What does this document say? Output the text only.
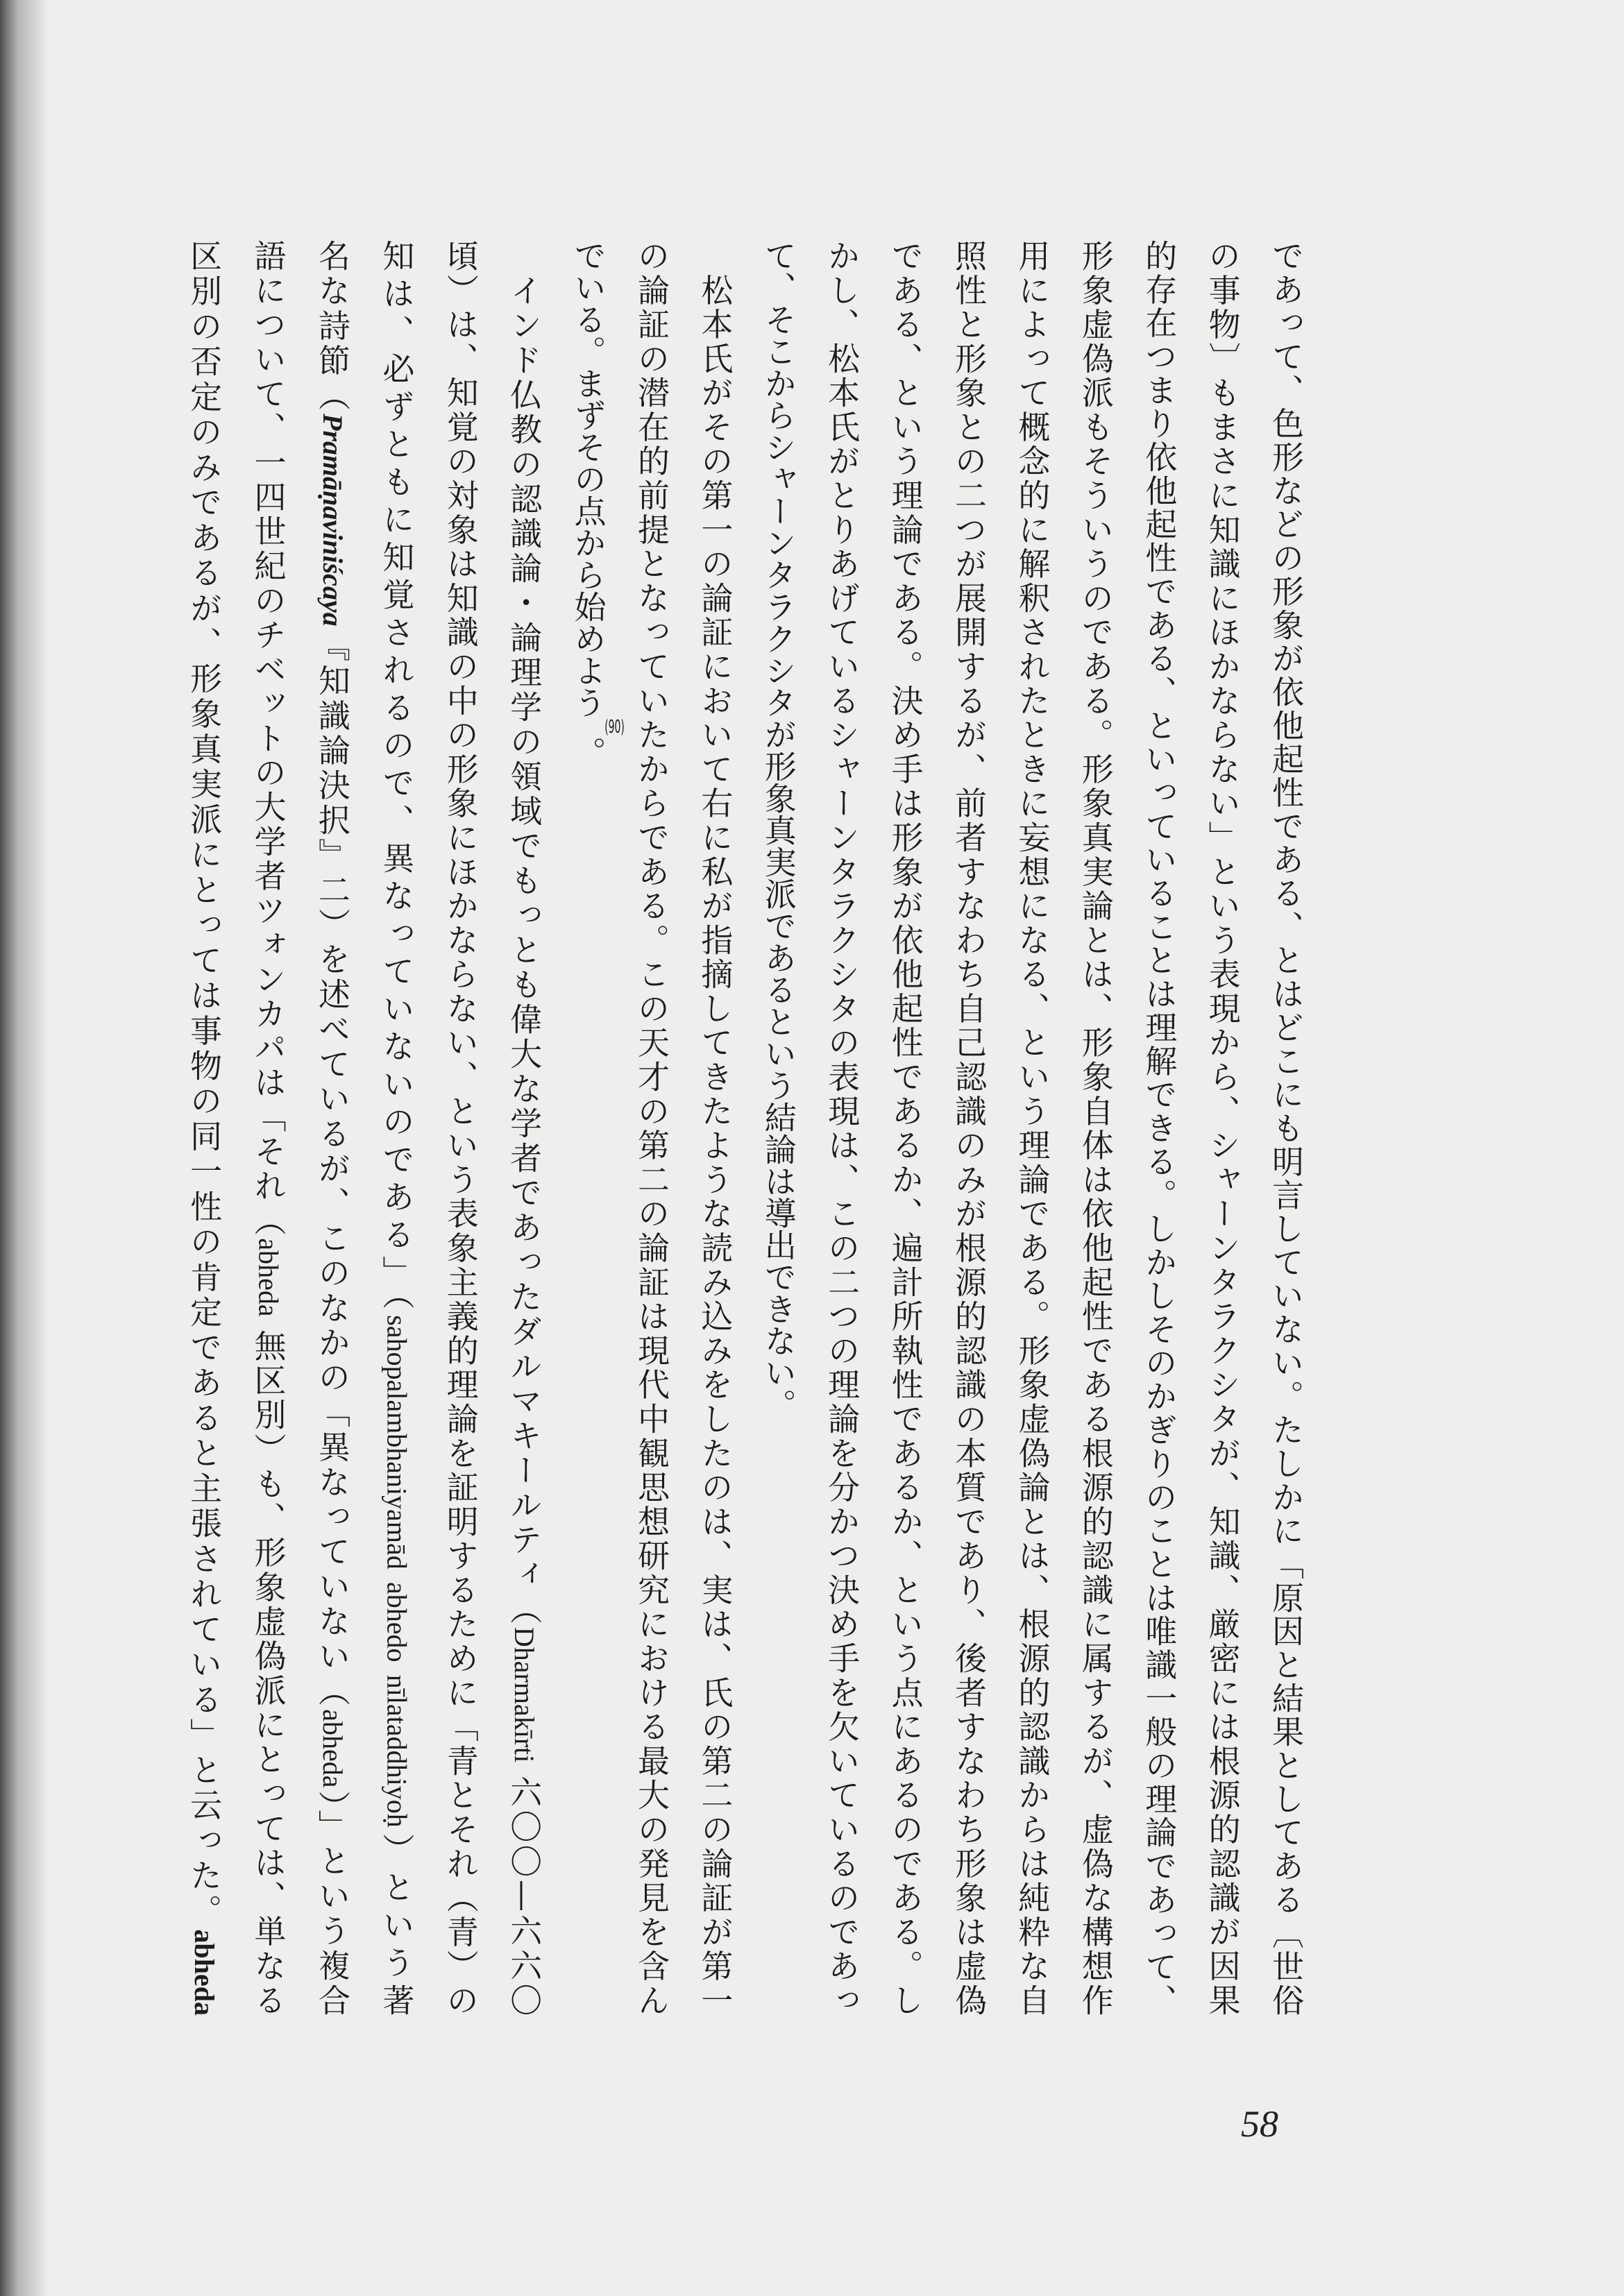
であって、色形などの形象が依他起性である、とはどこにも明言していない。たしかに「原因と結果としてある〔世俗
の事物〕もまさに知識にほかならない」という表現から、シャーンタラクシタが、知識、厳密には根源的認識が因果
的存在つまり依他起性である、といっていることは理解できる。しかしそのかぎりのことは唯識一般の理論であって、
形象虚偽派もそういうのである。形象真実論とは、形象自体は依他起性である根源的認識に属するが、虚偽な構想作
用によって概念的に解釈されたときに妄想になる、という理論である。形象虚偽論とは、根源的認識からは純粋な自
照性と形象との二つが展開するが、前者すなわち自己認識のみが根源的認識の本質であり、後者すなわち形象は虚偽
である、という理論である。決め手は形象が依他起性であるか、遍計所執性であるか、という点にあるのである。し
かし、松本氏がとりあげているシャーンタラクシタの表現は、この二つの理論を分かつ決め手を欠いているのであっ
て、そこからシャーンタラクシタが形象真実派であるという結論は導出できない。
　松本氏がその第一の論証において右に私が指摘してきたような読み込みをしたのは、実は、氏の第二の論証が第一
の論証の潜在的前提となっていたからである。この天才の第二の論証は現代中観思想研究における最大の発見を含ん
でいる。まずその点から始めよう(90)。
　インド仏教の認識論・論理学の領域でもっとも偉大な学者であったダルマキールティ（Dharmakīrti 六〇〇—六六〇
頃）は、知覚の対象は知識の中の形象にほかならない、という表象主義的理論を証明するために「青とそれ（青）の
知は、必ずともに知覚されるので、異なっていないのである」（sahopalambhaniyamād abhedo nīlataddhiyoḥ）という著
名な詩節（Pramāṇaviniścaya『知識論決択』二）を述べているが、このなかの「異なっていない（abheda）」という複合
語について、一四世紀のチベットの大学者ツォンカパは「それ（abheda 無区別）も、形象虚偽派にとっては、単なる
区別の否定のみであるが、形象真実派にとっては事物の同一性の肯定であると主張されている」と云った。abheda
58
